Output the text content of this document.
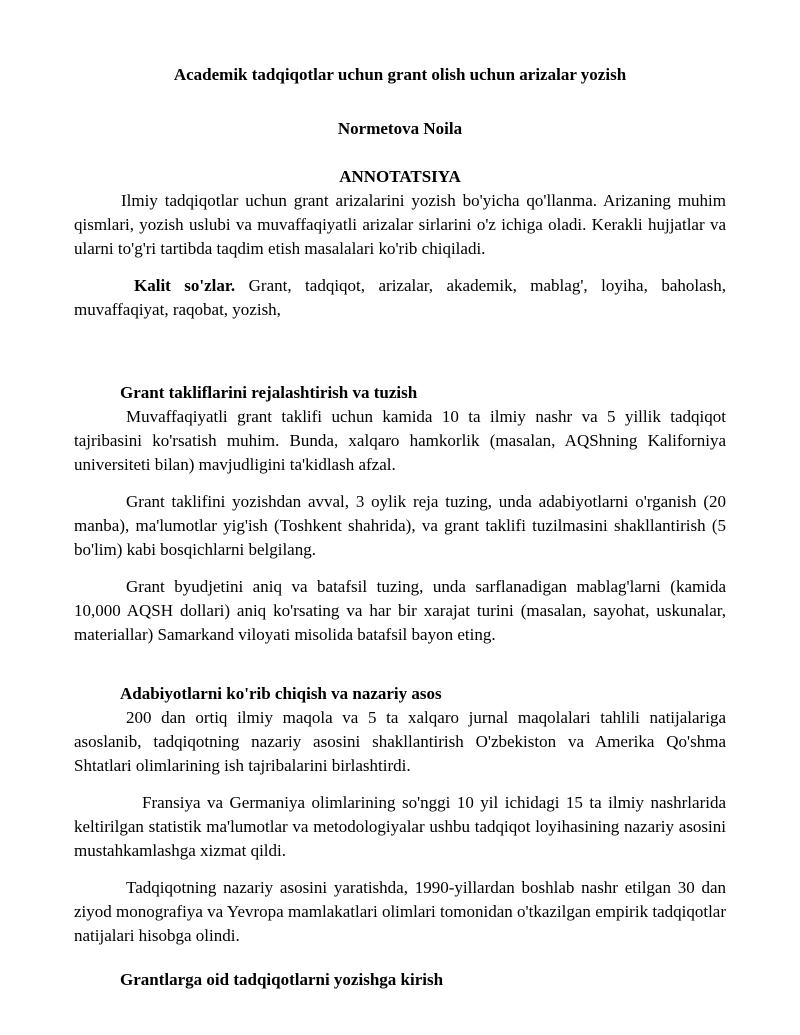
Academik tadqiqotlar uchun grant olish uchun arizalar yozish
Normetova Noila
ANNOTATSIYA

Ilmiy tadqiqotlar uchun grant arizalarini yozish bo'yicha qo'llanma. Arizaning muhim qismlari, yozish uslubi va muvaffaqiyatli arizalar sirlarini o'z ichiga oladi. Kerakli hujjatlar va ularni to'g'ri tartibda taqdim etish masalalari ko'rib chiqiladi.

Kalit so'zlar. Grant, tadqiqot, arizalar, akademik, mablag', loyiha, baholash, muvaffaqiyat, raqobat, yozish,

Grant takliflarini rejalashtirish va tuzish

Muvaffaqiyatli grant taklifi uchun kamida 10 ta ilmiy nashr va 5 yillik tadqiqot tajribasini ko'rsatish muhim. Bunda, xalqaro hamkorlik (masalan, AQShning Kaliforniya universiteti bilan) mavjudligini ta'kidlash afzal.

Grant taklifini yozishdan avval, 3 oylik reja tuzing, unda adabiyotlarni o'rganish (20 manba), ma'lumotlar yig'ish (Toshkent shahrida), va grant taklifi tuzilmasini shakllantirish (5 bo'lim) kabi bosqichlarni belgilang.

Grant byudjetini aniq va batafsil tuzing, unda sarflanadigan mablag'larni (kamida 10,000 AQSH dollari) aniq ko'rsating va har bir xarajat turini (masalan, sayohat, uskunalar, materiallar) Samarkand viloyati misolida batafsil bayon eting.

Adabiyotlarni ko'rib chiqish va nazariy asos

200 dan ortiq ilmiy maqola va 5 ta xalqaro jurnal maqolalari tahlili natijalariga asoslanib, tadqiqotning nazariy asosini shakllantirish O'zbekiston va Amerika Qo'shma Shtatlari olimlarining ish tajribalarini birlashtirdi.

Fransiya va Germaniya olimlarining so'nggi 10 yil ichidagi 15 ta ilmiy nashrlarida keltirilgan statistik ma'lumotlar va metodologiyalar ushbu tadqiqot loyihasining nazariy asosini mustahkamlashga xizmat qildi.

Tadqiqotning nazariy asosini yaratishda, 1990-yillardan boshlab nashr etilgan 30 dan ziyod monografiya va Yevropa mamlakatlari olimlari tomonidan o'tkazilgan empirik tadqiqotlar natijalari hisobga olindi.

Grantlarga oid tadqiqotlarni yozishga kirish
